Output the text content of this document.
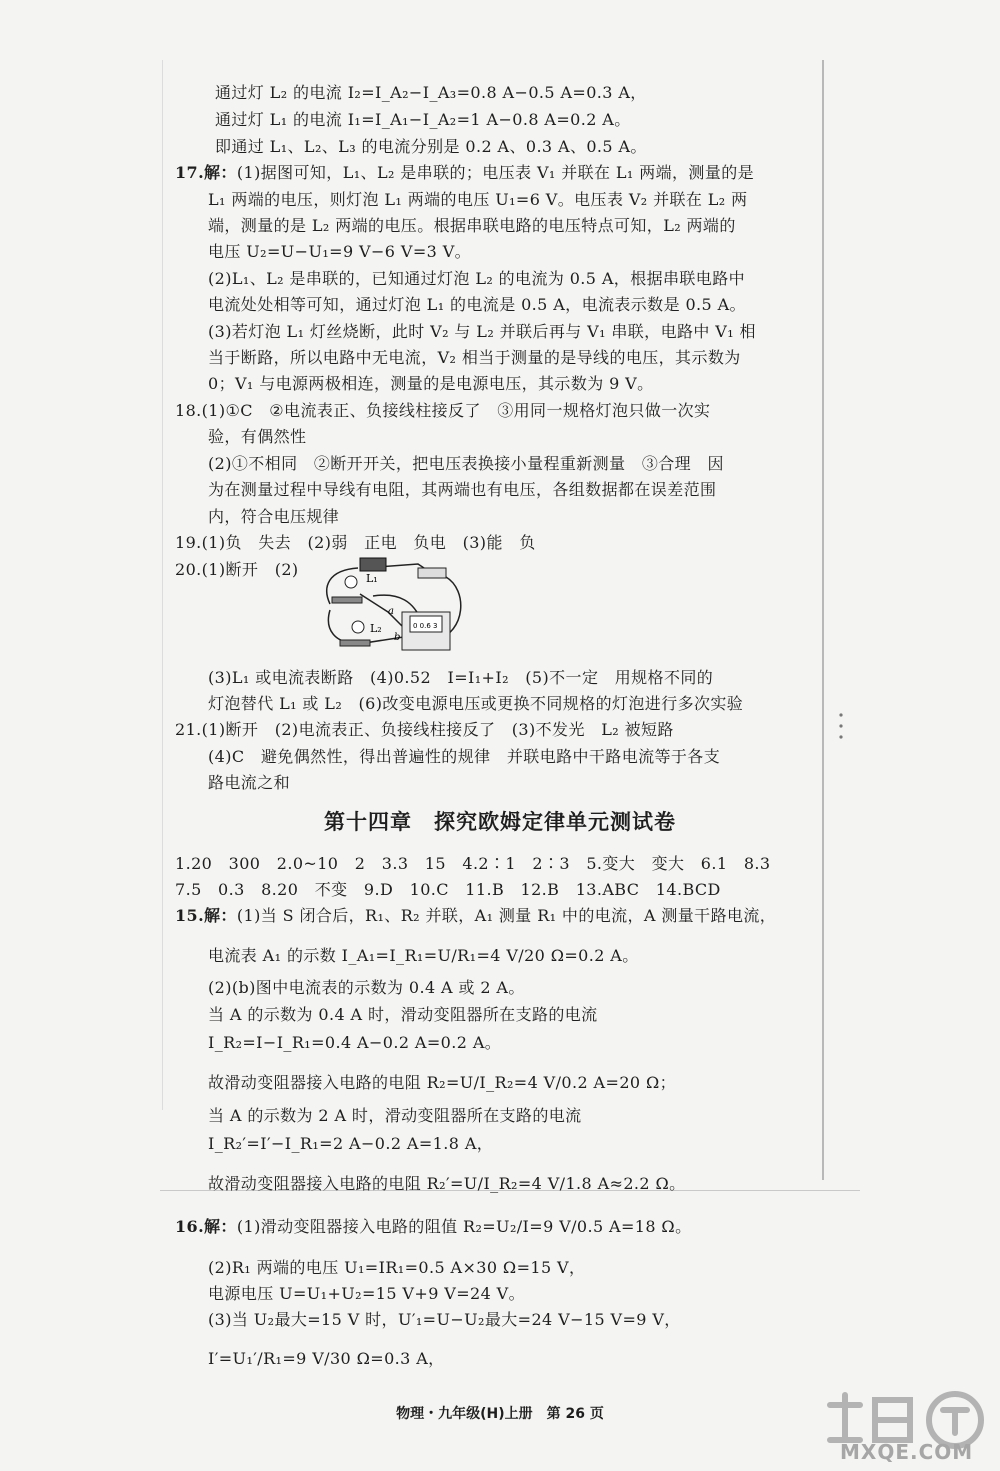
通过灯 L₂ 的电流 I₂=I_A₂−I_A₃=0.8 A−0.5 A=0.3 A，
通过灯 L₁ 的电流 I₁=I_A₁−I_A₂=1 A−0.8 A=0.2 A。
即通过 L₁、L₂、L₃ 的电流分别是 0.2 A、0.3 A、0.5 A。
17.解：(1)据图可知，L₁、L₂ 是串联的；电压表 V₁ 并联在 L₁ 两端，测量的是
L₁ 两端的电压，则灯泡 L₁ 两端的电压 U₁=6 V。电压表 V₂ 并联在 L₂ 两
端，测量的是 L₂ 两端的电压。根据串联电路的电压特点可知，L₂ 两端的
电压 U₂=U−U₁=9 V−6 V=3 V。
(2)L₁、L₂ 是串联的，已知通过灯泡 L₂ 的电流为 0.5 A，根据串联电路中
电流处处相等可知，通过灯泡 L₁ 的电流是 0.5 A，电流表示数是 0.5 A。
(3)若灯泡 L₁ 灯丝烧断，此时 V₂ 与 L₂ 并联后再与 V₁ 串联，电路中 V₁ 相
当于断路，所以电路中无电流，V₂ 相当于测量的是导线的电压，其示数为
0；V₁ 与电源两极相连，测量的是电源电压，其示数为 9 V。
18.(1)①C　②电流表正、负接线柱接反了　③用同一规格灯泡只做一次实
验，有偶然性
(2)①不相同　②断开开关，把电压表换接小量程重新测量　③合理　因
为在测量过程中导线有电阻，其两端也有电压，各组数据都在误差范围
内，符合电压规律
19.(1)负　失去　(2)弱　正电　负电　(3)能　负
20.(1)断开　(2)
(3)L₁ 或电流表断路　(4)0.52　I=I₁+I₂　(5)不一定　用规格不同的
灯泡替代 L₁ 或 L₂　(6)改变电源电压或更换不同规格的灯泡进行多次实验
21.(1)断开　(2)电流表正、负接线柱接反了　(3)不发光　L₂ 被短路
(4)C　避免偶然性，得出普遍性的规律　并联电路中干路电流等于各支
路电流之和
1.20　300　2.0~10　2　3.3　15　4.2∶1　2∶3　5.变大　变大　6.1　8.3
7.5　0.3　8.20　不变　9.D　10.C　11.B　12.B　13.ABC　14.BCD
15.解：(1)当 S 闭合后，R₁、R₂ 并联，A₁ 测量 R₁ 中的电流，A 测量干路电流，
电流表 A₁ 的示数 I_A₁=I_R₁=U/R₁=4 V/20 Ω=0.2 A。
(2)(b)图中电流表的示数为 0.4 A 或 2 A。
当 A 的示数为 0.4 A 时，滑动变阻器所在支路的电流
I_R₂=I−I_R₁=0.4 A−0.2 A=0.2 A。
故滑动变阻器接入电路的电阻 R₂=U/I_R₂=4 V/0.2 A=20 Ω；
当 A 的示数为 2 A 时，滑动变阻器所在支路的电流
I_R₂′=I′−I_R₁=2 A−0.2 A=1.8 A，
故滑动变阻器接入电路的电阻 R₂′=U/I_R₂=4 V/1.8 A≈2.2 Ω。
16.解：(1)滑动变阻器接入电路的阻值 R₂=U₂/I=9 V/0.5 A=18 Ω。
(2)R₁ 两端的电压 U₁=IR₁=0.5 A×30 Ω=15 V，
电源电压 U=U₁+U₂=15 V+9 V=24 V。
(3)当 U₂最大=15 V 时，U′₁=U−U₂最大=24 V−15 V=9 V，
I′=U₁′/R₁=9 V/30 Ω=0.3 A，
第十四章　探究欧姆定律单元测试卷
L₁
L₂
a
b
0 0.6 3
物理・九年级(H)上册　第 26 页
MXQE.COM
